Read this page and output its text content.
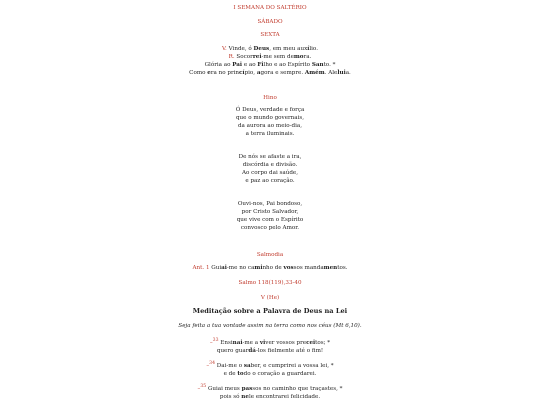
I SEMANA DO SALTÉRIO

SÁBADO

SEXTA

V. Vinde, ó Deus, em meu auxílio.

R. Socorrei-me sem demora.

Glória ao Pai e ao Filho e ao Espírito Santo. *

Como era no princípio, agora e sempre. Amém. Aleluia.

Hino

Ó Deus, verdade e força

que o mundo governais,

da aurora ao meio-dia,

a terra iluminais.

De nós se afaste a ira,

discórdia e divisão.

Ao corpo dai saúde,

e paz ao coração.

Ouvi-nos, Pai bondoso,

por Cristo Salvador,

que vive com o Espírito

convosco pelo Amor.

Salmodia

Ant. 1 Guiai-me no caminho de vossos mandamentos.

Salmo 118(119),33-40

V (He)

Meditação sobre a Palavra de Deus na Lei

Seja feita a tua vontade assim na terra como nos céus (Mt 6,10).

–$^{33}$ Ensinai-me a viver vossos preceitos; *

quero guardá-los fielmente até o fim!

–$^{34}$ Dai-me o saber, e cumprirei a vossa lei, *

e de todo o coração a guardarei.

–$^{35}$ Guiai meus passos no caminho que traçastes, *

pois só nele encontrarei felicidade.
